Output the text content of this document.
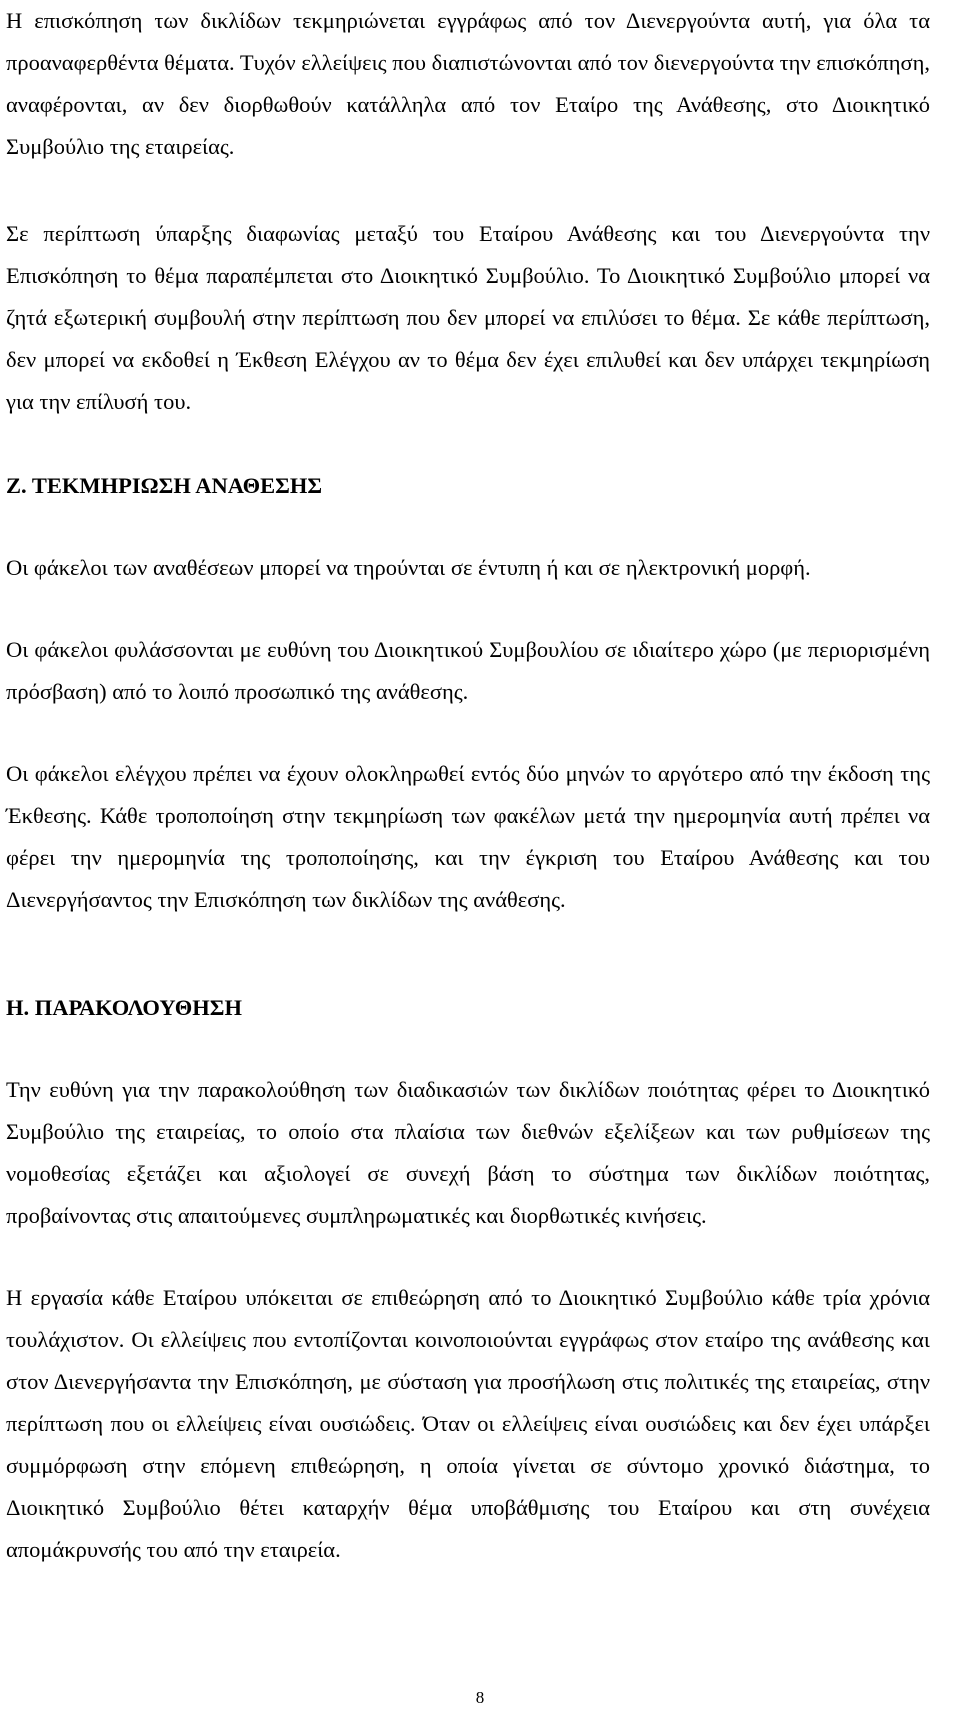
Η επισκόπηση των δικλίδων τεκμηριώνεται εγγράφως από τον Διενεργούντα αυτή, για όλα τα προαναφερθέντα θέματα. Τυχόν ελλείψεις που διαπιστώνονται από τον διενεργούντα την επισκόπηση, αναφέρονται, αν δεν διορθωθούν κατάλληλα από τον Εταίρο της Ανάθεσης, στο Διοικητικό Συμβούλιο της εταιρείας.

Σε περίπτωση ύπαρξης διαφωνίας μεταξύ του Εταίρου Ανάθεσης και του Διενεργούντα την Επισκόπηση το θέμα παραπέμπεται στο Διοικητικό Συμβούλιο. Το Διοικητικό Συμβούλιο μπορεί να ζητά εξωτερική συμβουλή στην περίπτωση που δεν μπορεί να επιλύσει το θέμα. Σε κάθε περίπτωση, δεν μπορεί να εκδοθεί η Έκθεση Ελέγχου αν το θέμα δεν έχει επιλυθεί και δεν υπάρχει τεκμηρίωση για την επίλυσή του.

Ζ. ΤΕΚΜΗΡΙΩΣΗ ΑΝΑΘΕΣΗΣ

Οι φάκελοι των αναθέσεων μπορεί να τηρούνται σε έντυπη ή και σε ηλεκτρονική μορφή.

Οι φάκελοι φυλάσσονται με ευθύνη του Διοικητικού Συμβουλίου σε ιδιαίτερο χώρο (με περιορισμένη πρόσβαση) από το λοιπό προσωπικό της ανάθεσης.

Οι φάκελοι ελέγχου πρέπει να έχουν ολοκληρωθεί εντός δύο μηνών το αργότερο από την έκδοση της Έκθεσης. Κάθε τροποποίηση στην τεκμηρίωση των φακέλων μετά την ημερομηνία αυτή πρέπει να φέρει την ημερομηνία της τροποποίησης, και την έγκριση του Εταίρου Ανάθεσης και του Διενεργήσαντος την Επισκόπηση των δικλίδων της ανάθεσης.

Η. ΠΑΡΑΚΟΛΟΥΘΗΣΗ

Την ευθύνη για την παρακολούθηση των διαδικασιών των δικλίδων ποιότητας φέρει το Διοικητικό Συμβούλιο της εταιρείας, το οποίο στα πλαίσια των διεθνών εξελίξεων και των ρυθμίσεων της νομοθεσίας εξετάζει και αξιολογεί σε συνεχή βάση το σύστημα των δικλίδων ποιότητας, προβαίνοντας στις απαιτούμενες συμπληρωματικές και διορθωτικές κινήσεις.

Η εργασία κάθε Εταίρου υπόκειται σε επιθεώρηση από το Διοικητικό Συμβούλιο κάθε τρία χρόνια τουλάχιστον. Οι ελλείψεις που εντοπίζονται κοινοποιούνται εγγράφως στον εταίρο της ανάθεσης και στον Διενεργήσαντα την Επισκόπηση, με σύσταση για προσήλωση στις πολιτικές της εταιρείας, στην περίπτωση που οι ελλείψεις είναι ουσιώδεις. Όταν οι ελλείψεις είναι ουσιώδεις και δεν έχει υπάρξει συμμόρφωση στην επόμενη επιθεώρηση, η οποία γίνεται σε σύντομο χρονικό διάστημα, το Διοικητικό Συμβούλιο θέτει καταρχήν θέμα υποβάθμισης του Εταίρου και στη συνέχεια απομάκρυνσής του από την εταιρεία.

8
